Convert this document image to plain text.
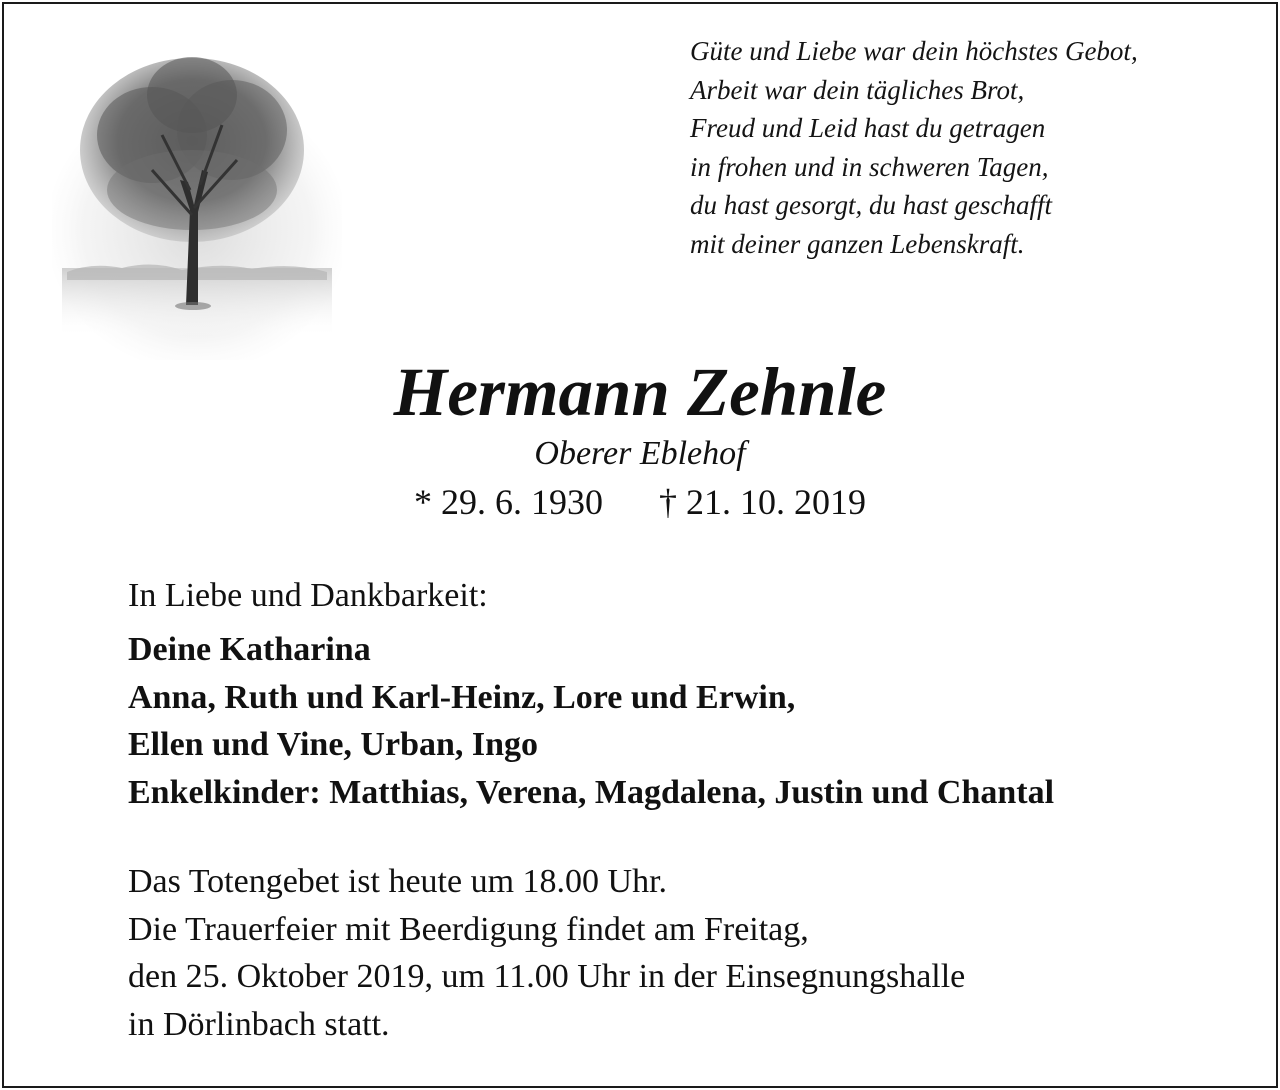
Güte und Liebe war dein höchstes Gebot,
Arbeit war dein tägliches Brot,
Freud und Leid hast du getragen
in frohen und in schweren Tagen,
du hast gesorgt, du hast geschafft
mit deiner ganzen Lebenskraft.
Hermann Zehnle
Oberer Eblehof
* 29. 6. 1930 † 21. 10. 2019
In Liebe und Dankbarkeit:
Deine Katharina
Anna, Ruth und Karl-Heinz, Lore und Erwin,
Ellen und Vine, Urban, Ingo
Enkelkinder: Matthias, Verena, Magdalena, Justin und Chantal
Das Totengebet ist heute um 18.00 Uhr.
Die Trauerfeier mit Beerdigung findet am Freitag,
den 25. Oktober 2019, um 11.00 Uhr in der Einsegnungshalle
in Dörlinbach statt.
